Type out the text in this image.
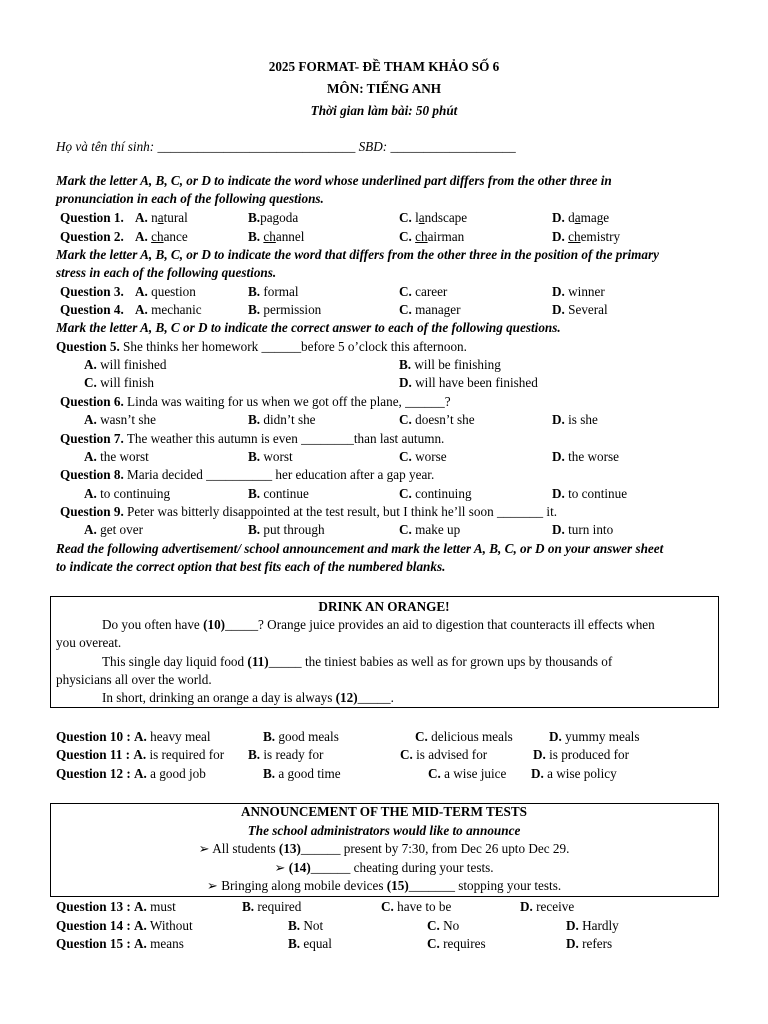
2025 FORMAT- ĐỀ THAM KHẢO SỐ 6
MÔN: TIẾNG ANH
Thời gian làm bài: 50 phút
Họ và tên thí sinh: ______________________________ SBD: ___________________
Mark the letter A, B, C, or D to indicate the word whose underlined part differs from the other three in
pronunciation in each of the following questions.
Question 1. A. natural	B.pagoda	C. landscape	D. damage
Question 2. A. chance	B. channel	C. chairman	D. chemistry
Mark the letter A, B, C, or D to indicate the word that differs from the other three in the position of the primary
stress in each of the following questions.
Question 3. A. question	B. formal	C. career	D. winner
Question 4. A. mechanic	B. permission	C. manager	D. Several
Mark the letter A, B, C or D to indicate the correct answer to each of the following questions.
Question 5. She thinks her homework ______before 5 o’clock this afternoon.
A. will finished	B. will be finishing
C. will finish	D. will have been finished
Question 6. Linda was waiting for us when we got off the plane, ______?
A. wasn’t she	B. didn’t she	C. doesn’t she	D. is she
Question 7. The weather this autumn is even ________than last autumn.
A. the worst	B. worst	C. worse	D. the worse
Question 8. Maria decided __________ her education after a gap year.
A. to continuing	B. continue	C. continuing	D. to continue
Question 9. Peter was bitterly disappointed at the test result, but I think he’ll soon _______ it.
A. get over	B. put through	C. make up	D. turn into
Read the following advertisement/ school announcement and mark the letter A, B, C, or D on your answer sheet
to indicate the correct option that best fits each of the numbered blanks.
DRINK AN ORANGE!
Do you often have (10)_____? Orange juice provides an aid to digestion that counteracts ill effects when
you overeat.
This single day liquid food (11)_____ the tiniest babies as well as for grown ups by thousands of
physicians all over the world.
In short, drinking an orange a day is always (12)_____.
Question 10 : A. heavy meal	B. good meals	C. delicious meals	D. yummy meals
Question 11 : A. is required for B. is ready for	C. is advised for	D. is produced for
Question 12 : A. a good job	B. a good time	C. a wise juice D. a wise policy
ANNOUNCEMENT OF THE MID-TERM TESTS
The school administrators would like to announce
➢ All students (13)______ present by 7:30, from Dec 26 upto Dec 29.
➢ (14)______ cheating during your tests.
➢ Bringing along mobile devices (15)_______ stopping your tests.
Question 13 : A. must	B. required	C. have to be	D. receive
Question 14 : A. Without	B. Not	C. No	D. Hardly
Question 15 : A. means	B. equal	C. requires	D. refers
